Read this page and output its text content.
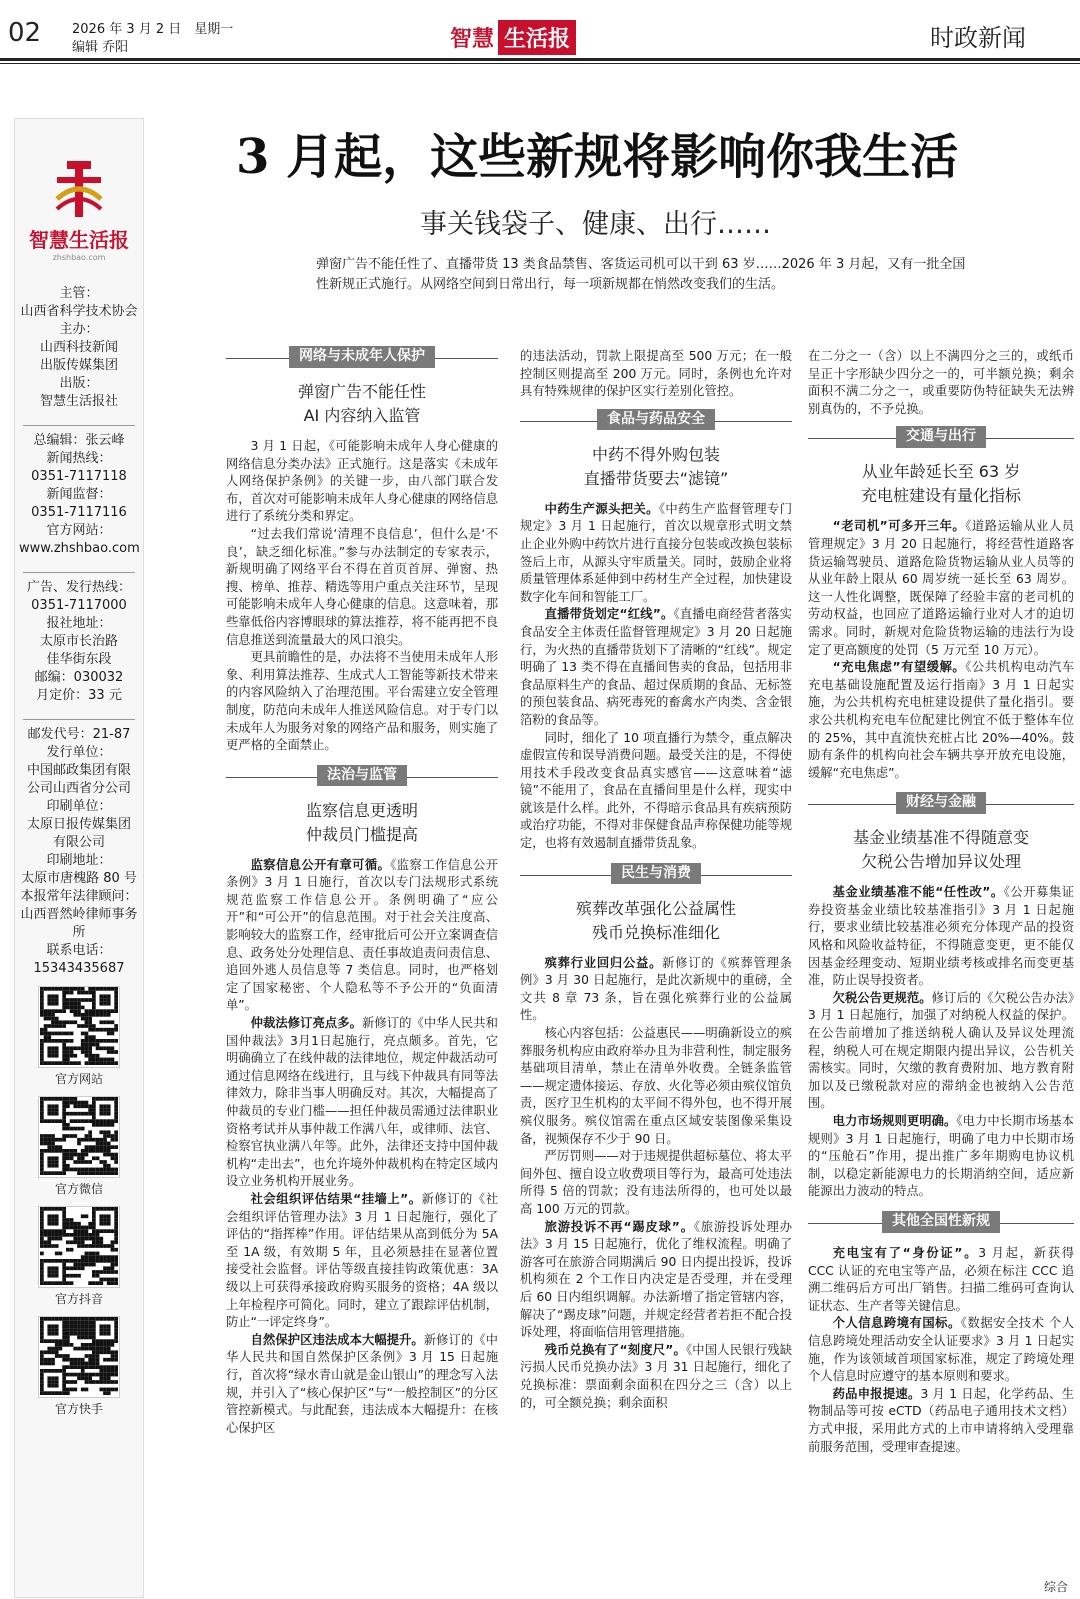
02 2026 年 3 月 2 日　星期一
编辑 乔阳	智慧 生活报	时政新闻
智慧生活报
zhshbao.com
主管：
山西省科学技术协会
主办：
山西科技新闻
出版传媒集团
出版：
智慧生活报社
总编辑：张云峰
新闻热线：
0351-7117118
新闻监督：
0351-7117116
官方网站：
www.zhshbao.com
广告、发行热线：
0351-7117000
报社地址：
太原市长治路
佳华街东段
邮编：030032
月定价：33 元
邮发代号：21-87
发行单位：
中国邮政集团有限
公司山西省分公司
印刷单位：
太原日报传媒集团
有限公司
印刷地址：
太原市唐槐路 80 号
本报常年法律顾问：
山西晋然岭律师事务所
联系电话：
15343435687
官方网站
官方微信
官方抖音
官方快手
3 月起，这些新规将影响你我生活
事关钱袋子、健康、出行……
弹窗广告不能任性了、直播带货 13 类食品禁售、客货运司机可以干到 63 岁……2026 年 3 月起，又有一批全国性新规正式施行。从网络空间到日常出行，每一项新规都在悄然改变我们的生活。
网络与未成年人保护
弹窗广告不能任性
AI 内容纳入监管

3 月 1 日起，《可能影响未成年人身心健康的网络信息分类办法》正式施行。这是落实《未成年人网络保护条例》的关键一步，由八部门联合发布，首次对可能影响未成年人身心健康的网络信息进行了系统分类和界定。

“过去我们常说‘清理不良信息’，但什么是‘不良’，缺乏细化标准。”参与办法制定的专家表示，新规明确了网络平台不得在首页首屏、弹窗、热搜、榜单、推荐、精选等用户重点关注环节，呈现可能影响未成年人身心健康的信息。这意味着，那些靠低俗内容博眼球的算法推荐，将不能再把不良信息推送到流量最大的风口浪尖。

更具前瞻性的是，办法将不当使用未成年人形象、利用算法推荐、生成式人工智能等新技术带来的内容风险纳入了治理范围。平台需建立安全管理制度，防范向未成年人推送风险信息。对于专门以未成年人为服务对象的网络产品和服务，则实施了更严格的全面禁止。

法治与监管
监察信息更透明
仲裁员门槛提高

监察信息公开有章可循。《监察工作信息公开条例》3 月 1 日施行，首次以专门法规形式系统规范监察工作信息公开。条例明确了“应公开”和“可公开”的信息范围。对于社会关注度高、影响较大的监察工作，经审批后可公开立案调查信息、政务处分处理信息、责任事故追责问责信息、追回外逃人员信息等 7 类信息。同时，也严格划定了国家秘密、个人隐私等不予公开的“负面清单”。

仲裁法修订亮点多。新修订的《中华人民共和国仲裁法》3月1日起施行，亮点颇多。首先，它明确确立了在线仲裁的法律地位，规定仲裁活动可通过信息网络在线进行，且与线下仲裁具有同等法律效力，除非当事人明确反对。其次，大幅提高了仲裁员的专业门槛——担任仲裁员需通过法律职业资格考试并从事仲裁工作满八年，或律师、法官、检察官执业满八年等。此外，法律还支持中国仲裁机构“走出去”，也允许境外仲裁机构在特定区域内设立业务机构开展业务。

社会组织评估结果“挂墙上”。新修订的《社会组织评估管理办法》3 月 1 日起施行，强化了评估的“指挥棒”作用。评估结果从高到低分为 5A 至 1A 级，有效期 5 年，且必须悬挂在显著位置接受社会监督。评估等级直接挂钩政策优惠：3A 级以上可获得承接政府购买服务的资格；4A 级以上年检程序可简化。同时，建立了跟踪评估机制，防止“一评定终身”。

自然保护区违法成本大幅提升。新修订的《中华人民共和国自然保护区条例》3 月 15 日起施行，首次将“绿水青山就是金山银山”的理念写入法规，并引入了“核心保护区”与“一般控制区”的分区管控新模式。与此配套，违法成本大幅提升：在核心保护区

的违法活动，罚款上限提高至 500 万元；在一般控制区则提高至 200 万元。同时，条例也允许对具有特殊规律的保护区实行差别化管控。

食品与药品安全
中药不得外购包装
直播带货要去“滤镜”

中药生产源头把关。《中药生产监督管理专门规定》3 月 1 日起施行，首次以规章形式明文禁止企业外购中药饮片进行直接分包装或改换包装标签后上市，从源头守牢质量关。同时，鼓励企业将质量管理体系延伸到中药材生产全过程，加快建设数字化车间和智能工厂。

直播带货划定“红线”。《直播电商经营者落实食品安全主体责任监督管理规定》3 月 20 日起施行，为火热的直播带货划下了清晰的“红线”。规定明确了 13 类不得在直播间售卖的食品，包括用非食品原料生产的食品、超过保质期的食品、无标签的预包装食品、病死毒死的畜禽水产肉类、含金银箔粉的食品等。

同时，细化了 10 项直播行为禁令，重点解决虚假宣传和误导消费问题。最受关注的是，不得使用技术手段改变食品真实感官——这意味着“滤镜”不能用了，食品在直播间里是什么样，现实中就该是什么样。此外，不得暗示食品具有疾病预防或治疗功能，不得对非保健食品声称保健功能等规定，也将有效遏制直播带货乱象。

民生与消费
殡葬改革强化公益属性
残币兑换标准细化

殡葬行业回归公益。新修订的《殡葬管理条例》3 月 30 日起施行，是此次新规中的重磅，全文共 8 章 73 条，旨在强化殡葬行业的公益属性。

核心内容包括：公益惠民——明确新设立的殡葬服务机构应由政府举办且为非营利性，制定服务基础项目清单，禁止在清单外收费。全链条监管——规定遗体接运、存放、火化等必须由殡仪馆负责，医疗卫生机构的太平间不得外包，也不得开展殡仪服务。殡仪馆需在重点区域安装图像采集设备，视频保存不少于 90 日。

严厉罚则——对于违规提供超标墓位、将太平间外包、擅自设立收费项目等行为，最高可处违法所得 5 倍的罚款；没有违法所得的，也可处以最高 100 万元的罚款。

旅游投诉不再“踢皮球”。《旅游投诉处理办法》3 月 15 日起施行，优化了维权流程。明确了游客可在旅游合同期满后 90 日内提出投诉，投诉机构须在 2 个工作日内决定是否受理，并在受理后 60 日内组织调解。办法新增了指定管辖内容，解决了“踢皮球”问题，并规定经营者若拒不配合投诉处理，将面临信用管理措施。

残币兑换有了“刻度尺”。《中国人民银行残缺污损人民币兑换办法》3 月 31 日起施行，细化了兑换标准：票面剩余面积在四分之三（含）以上的，可全额兑换；剩余面积

在二分之一（含）以上不满四分之三的，或纸币呈正十字形缺少四分之一的，可半额兑换；剩余面积不满二分之一，或重要防伪特征缺失无法辨别真伪的，不予兑换。

交通与出行
从业年龄延长至 63 岁
充电桩建设有量化指标

“老司机”可多开三年。《道路运输从业人员管理规定》3 月 20 日起施行，将经营性道路客货运输驾驶员、道路危险货物运输从业人员等的从业年龄上限从 60 周岁统一延长至 63 周岁。这一人性化调整，既保障了经验丰富的老司机的劳动权益，也回应了道路运输行业对人才的迫切需求。同时，新规对危险货物运输的违法行为设定了更高额度的处罚（5 万元至 10 万元）。

“充电焦虑”有望缓解。《公共机构电动汽车充电基础设施配置及运行指南》3 月 1 日起实施，为公共机构充电桩建设提供了量化指引。要求公共机构充电车位配建比例宜不低于整体车位的 25%，其中直流快充桩占比 20%—40%。鼓励有条件的机构向社会车辆共享开放充电设施，缓解“充电焦虑”。

财经与金融
基金业绩基准不得随意变
欠税公告增加异议处理

基金业绩基准不能“任性改”。《公开募集证券投资基金业绩比较基准指引》3 月 1 日起施行，要求业绩比较基准必须充分体现产品的投资风格和风险收益特征，不得随意变更，更不能仅因基金经理变动、短期业绩考核或排名而变更基准，防止误导投资者。

欠税公告更规范。修订后的《欠税公告办法》3 月 1 日起施行，加强了对纳税人权益的保护。在公告前增加了推送纳税人确认及异议处理流程，纳税人可在规定期限内提出异议，公告机关需核实。同时，欠缴的教育费附加、地方教育附加以及已缴税款对应的滞纳金也被纳入公告范围。

电力市场规则更明确。《电力中长期市场基本规则》3 月 1 日起施行，明确了电力中长期市场的“压舱石”作用，提出推广多年期购电协议机制，以稳定新能源电力的长期消纳空间，适应新能源出力波动的特点。

其他全国性新规

充电宝有了“身份证”。3 月起，新获得 CCC 认证的充电宝等产品，必须在标注 CCC 追溯二维码后方可出厂销售。扫描二维码可查询认证状态、生产者等关键信息。

个人信息跨境有国标。《数据安全技术 个人信息跨境处理活动安全认证要求》3 月 1 日起实施，作为该领域首项国家标准，规定了跨境处理个人信息时应遵守的基本原则和要求。

药品申报提速。3 月 1 日起，化学药品、生物制品等可按 eCTD（药品电子通用技术文档）方式申报，采用此方式的上市申请将纳入受理靠前服务范围，受理审查提速。

综合
